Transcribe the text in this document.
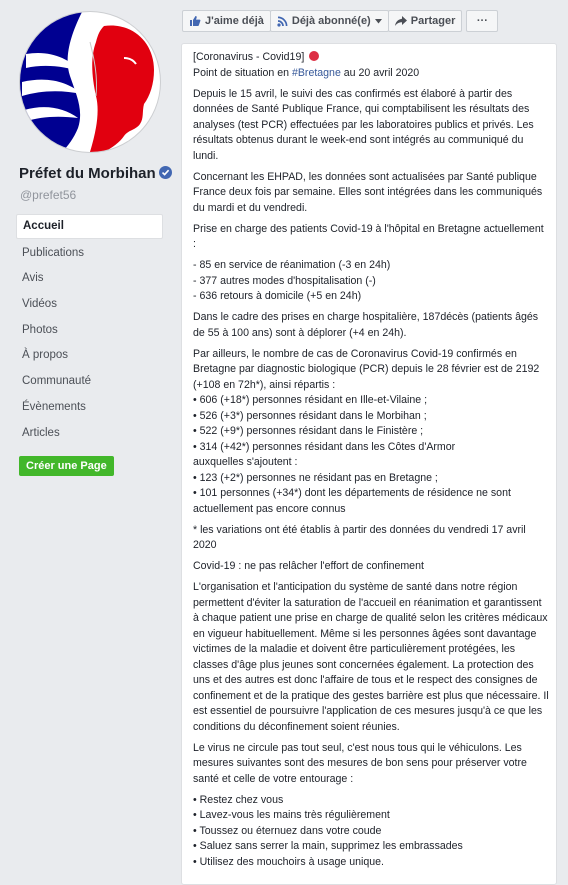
Préfet du Morbihan
@prefet56
Accueil
Publications
Avis
Vidéos
Photos
À propos
Communauté
Évènements
Articles
Créer une Page
J'aime déjà	Déjà abonné(e)	Partager ···

[Coronavirus - Covid19]
Point de situation en #Bretagne au 20 avril 2020

Depuis le 15 avril, le suivi des cas confirmés est élaboré à partir des données de Santé Publique France, qui comptabilisent les résultats des analyses (test PCR) effectuées par les laboratoires publics et privés. Les résultats obtenus durant le week-end sont intégrés au communiqué du lundi.

Concernant les EHPAD, les données sont actualisées par Santé publique France deux fois par semaine. Elles sont intégrées dans les communiqués du mardi et du vendredi.

Prise en charge des patients Covid-19 à l'hôpital en Bretagne actuellement :

- 85 en service de réanimation (-3 en 24h)
- 377 autres modes d'hospitalisation (-)
- 636 retours à domicile (+5 en 24h)

Dans le cadre des prises en charge hospitalière, 187décès (patients âgés de 55 à 100 ans) sont à déplorer (+4 en 24h).

Par ailleurs, le nombre de cas de Coronavirus Covid-19 confirmés en Bretagne par diagnostic biologique (PCR) depuis le 28 février est de 2192 (+108 en 72h*), ainsi répartis :
• 606 (+18*) personnes résidant en Ille-et-Vilaine ;
• 526 (+3*) personnes résidant dans le Morbihan ;
• 522 (+9*) personnes résidant dans le Finistère ;
• 314 (+42*) personnes résidant dans les Côtes d'Armor
auxquelles s'ajoutent :
• 123 (+2*) personnes ne résidant pas en Bretagne ;
• 101 personnes (+34*) dont les départements de résidence ne sont actuellement pas encore connus

* les variations ont été établis à partir des données du vendredi 17 avril 2020

Covid-19 : ne pas relâcher l'effort de confinement

L'organisation et l'anticipation du système de santé dans notre région permettent d'éviter la saturation de l'accueil en réanimation et garantissent à chaque patient une prise en charge de qualité selon les critères médicaux en vigueur habituellement. Même si les personnes âgées sont davantage victimes de la maladie et doivent être particulièrement protégées, les classes d'âge plus jeunes sont concernées également. La protection des uns et des autres est donc l'affaire de tous et le respect des consignes de confinement et de la pratique des gestes barrière est plus que nécessaire. Il est essentiel de poursuivre l'application de ces mesures jusqu'à ce que les conditions du déconfinement soient réunies.

Le virus ne circule pas tout seul, c'est nous tous qui le véhiculons. Les mesures suivantes sont des mesures de bon sens pour préserver votre santé et celle de votre entourage :

• Restez chez vous
• Lavez-vous les mains très régulièrement
• Toussez ou éternuez dans votre coude
• Saluez sans serrer la main, supprimez les embrassades
• Utilisez des mouchoirs à usage unique.
